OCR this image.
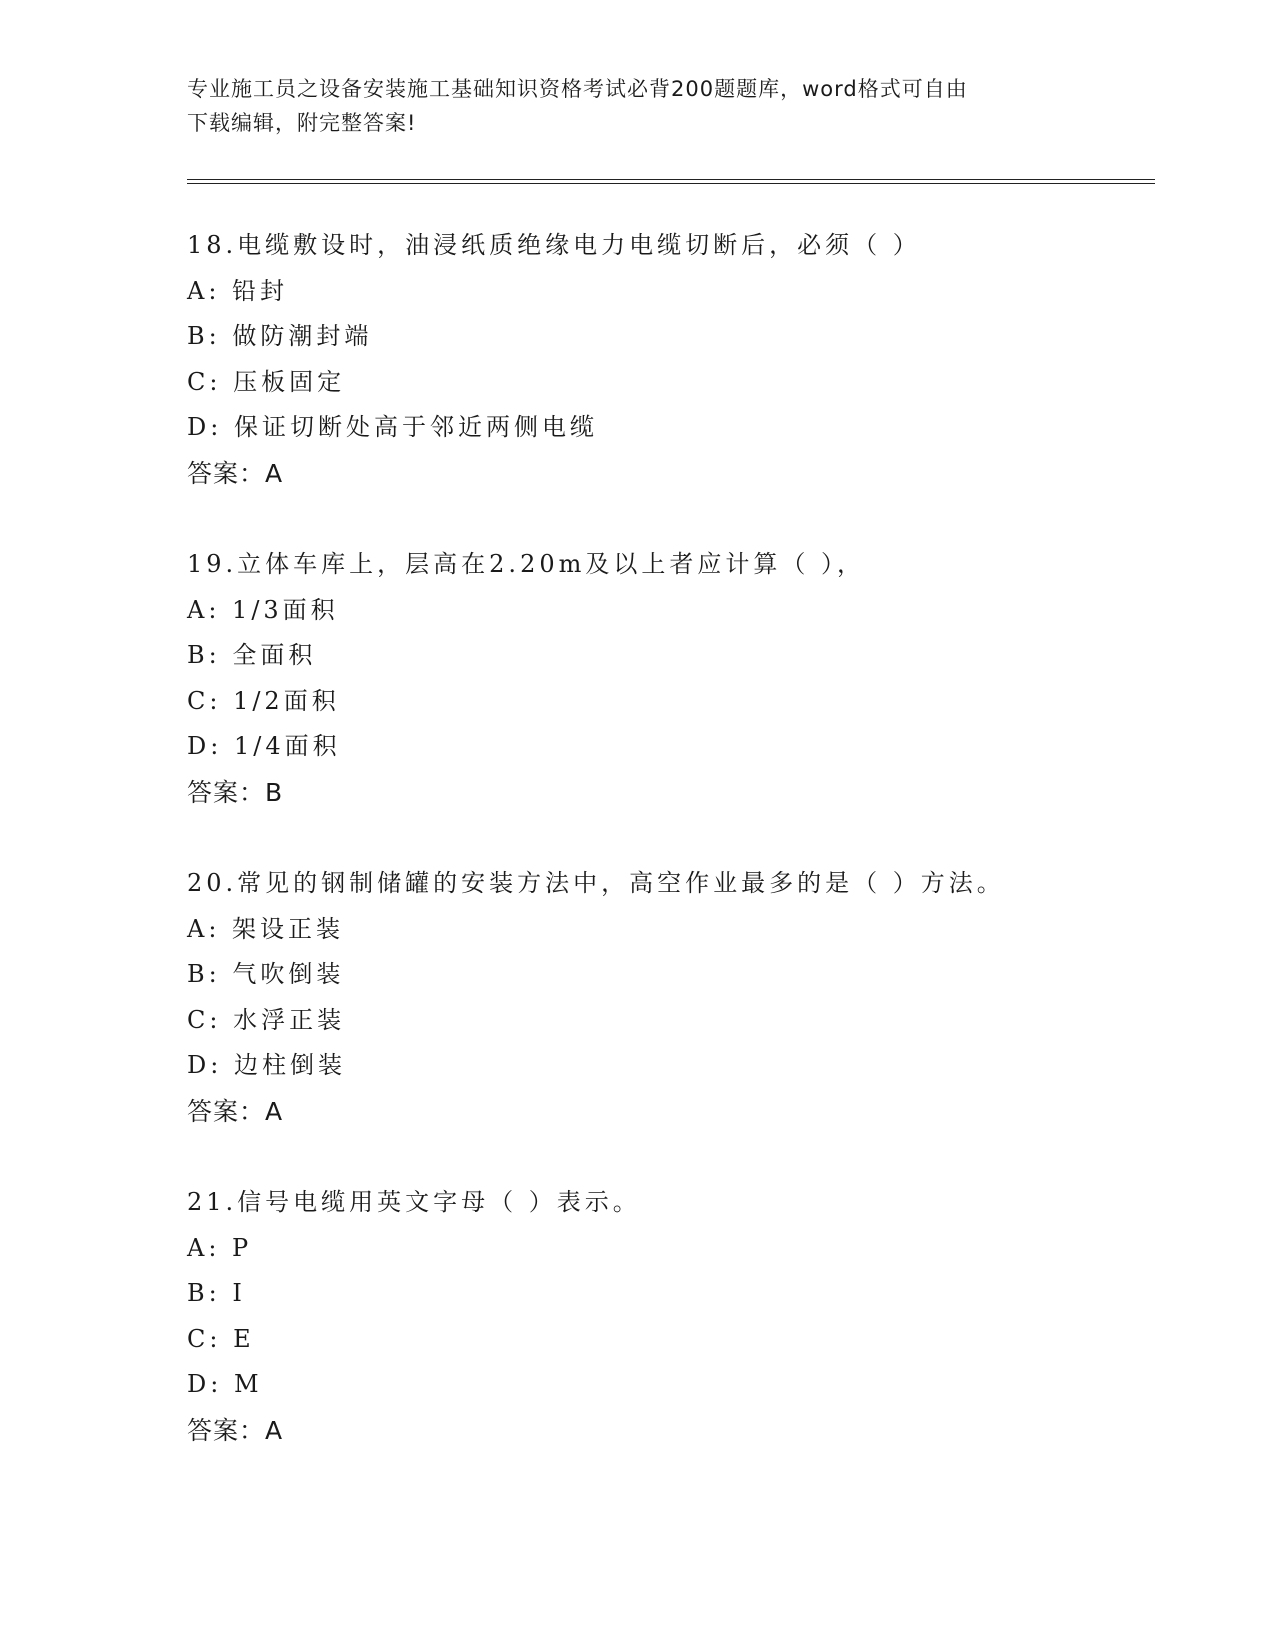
专业施工员之设备安装施工基础知识资格考试必背200题题库，word格式可自由
下载编辑，附完整答案!
18.电缆敷设时，油浸纸质绝缘电力电缆切断后，必须（ ）
A: 铅封
B: 做防潮封端
C: 压板固定
D: 保证切断处高于邻近两侧电缆
答案：A
19.立体车库上，层高在2.20m及以上者应计算（ ），
A: 1/3面积
B: 全面积
C: 1/2面积
D: 1/4面积
答案：B
20.常见的钢制储罐的安装方法中，高空作业最多的是（ ）方法。
A: 架设正装
B: 气吹倒装
C: 水浮正装
D: 边柱倒装
答案：A
21.信号电缆用英文字母（ ）表示。
A: P
B: I
C: E
D: M
答案：A
